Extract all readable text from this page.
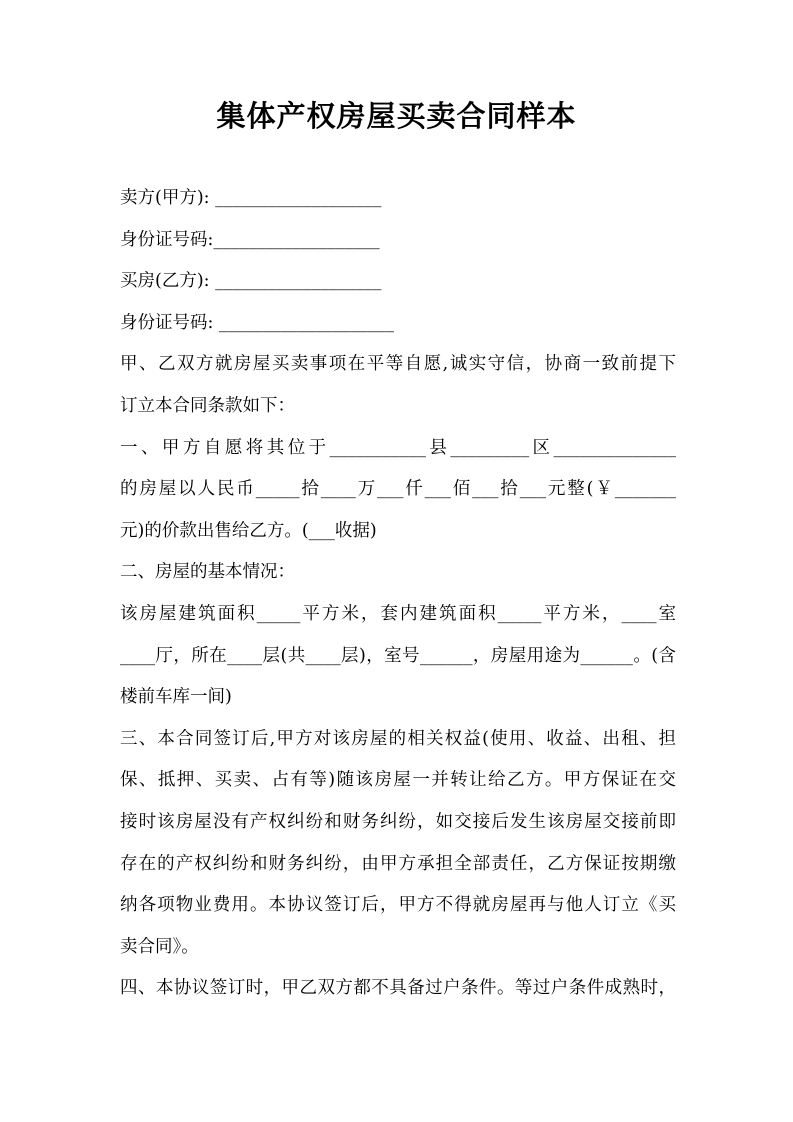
集体产权房屋买卖合同样本
卖方(甲方): ___________________
身份证号码:___________________
买房(乙方): ___________________
身份证号码: ____________________
甲、乙双方就房屋买卖事项在平等自愿,诚实守信，协商一致前提下
订立本合同条款如下：
一、甲方自愿将其位于___________县_________区______________
的房屋以人民币_____拾____万___仟___佰___拾___元整(￥_______
元)的价款出售给乙方。(___收据)
二、房屋的基本情况：
该房屋建筑面积_____平方米，套内建筑面积_____平方米，____室
____厅，所在____层(共____层)，室号______，房屋用途为______。(含
楼前车库一间)
三、本合同签订后,甲方对该房屋的相关权益(使用、收益、出租、担
保、抵押、买卖、占有等)随该房屋一并转让给乙方。甲方保证在交
接时该房屋没有产权纠纷和财务纠纷，如交接后发生该房屋交接前即
存在的产权纠纷和财务纠纷，由甲方承担全部责任，乙方保证按期缴
纳各项物业费用。本协议签订后，甲方不得就房屋再与他人订立《买
卖合同》。
四、本协议签订时，甲乙双方都不具备过户条件。等过户条件成熟时，
